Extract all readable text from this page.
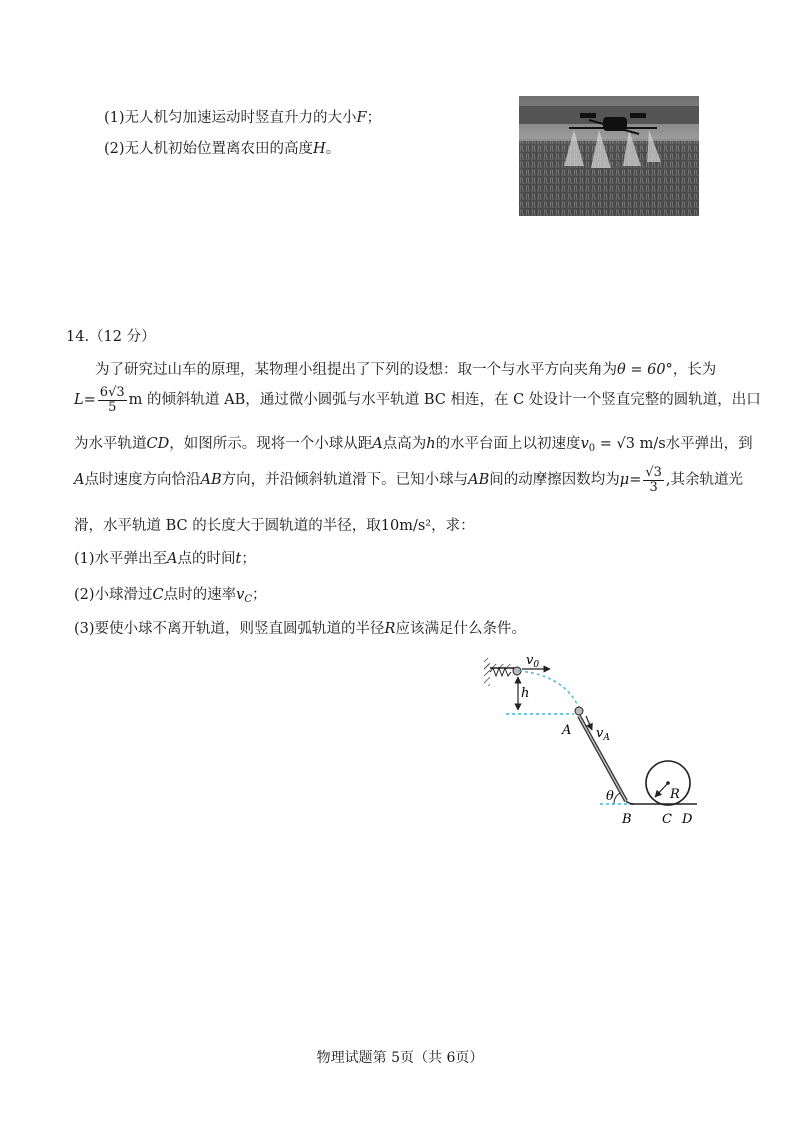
(1)无人机匀加速运动时竖直升力的大小F；
(2)无人机初始位置离农田的高度H。
14.（12 分）
为了研究过山车的原理，某物理小组提出了下列的设想：取一个与水平方向夹角为θ = 60°，长为
$L= \frac{6√3}{5}$ m 的倾斜轨道 AB，通过微小圆弧与水平轨道 BC 相连，在 C 处设计一个竖直完整的圆轨道，出口
为水平轨道CD，如图所示。现将一个小球从距A点高为h的水平台面上以初速度$v_0 = √3$ m/s水平弹出，到
A点时速度方向恰沿AB方向，并沿倾斜轨道滑下。已知小球与AB间的动摩擦因数均为$\mu= \frac{√3}{3}$ ,其余轨道光
滑，水平轨道 BC 的长度大于圆轨道的半径，取10m/s²，求：
(1)水平弹出至A点的时间t；
(2)小球滑过C点时的速率$v_C$；
(3)要使小球不离开轨道，则竖直圆弧轨道的半径R应该满足什么条件。
$v_0$
h
A $v_A$
θ	R
B C D
物理试题第 5页（共 6页）
